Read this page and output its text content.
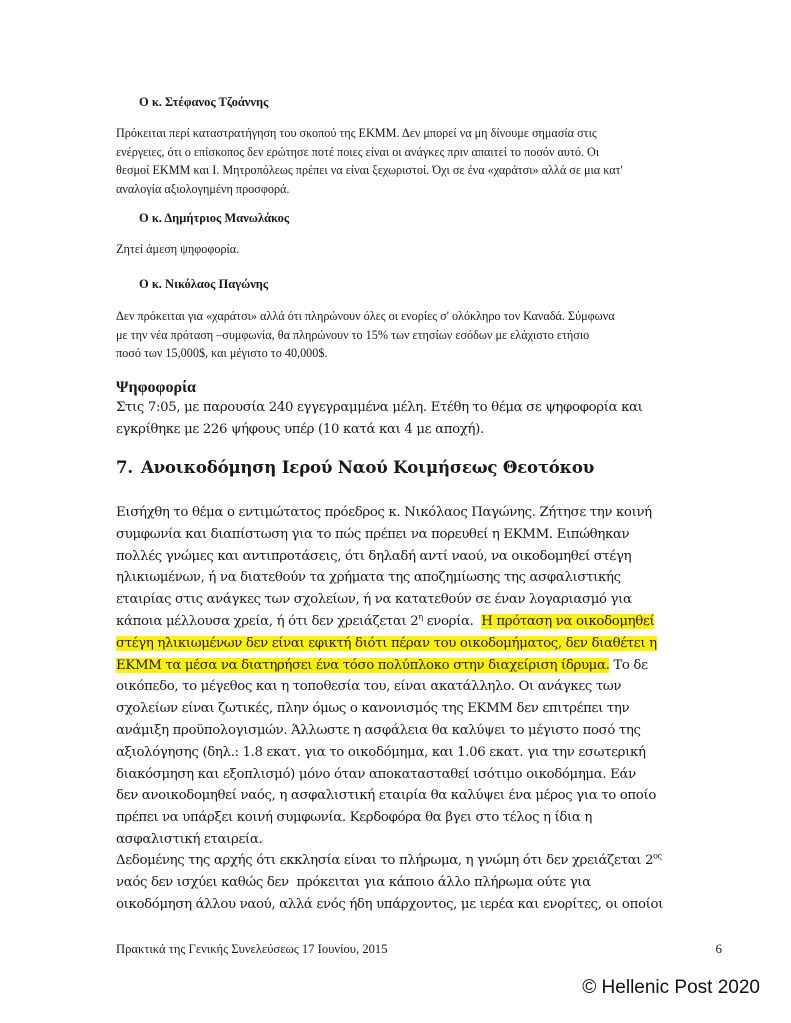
Ο κ. Στέφανος Τζοάννης
Πρόκειται περί καταστρατήγηση του σκοπού της ΕΚΜΜ. Δεν μπορεί να μη δίνουμε σημασία στις
ενέργειες, ότι ο επίσκοπος δεν ερώτησε ποτέ ποιες είναι οι ανάγκες πριν απαιτεί το ποσόν αυτό. Οι
θεσμοί ΕΚΜΜ και Ι. Μητροπόλεως πρέπει να είναι ξεχωριστοί. Όχι σε ένα «χαράτσι» αλλά σε μια κατ'
αναλογία αξιολογημένη προσφορά.
Ο κ. Δημήτριος Μανωλάκος
Ζητεί άμεση ψηφοφορία.
Ο κ. Νικόλαος Παγώνης
Δεν πρόκειται για «χαράτσι» αλλά ότι πληρώνουν όλες οι ενορίες σ' ολόκληρο τον Καναδά. Σύμφωνα
με την νέα πρόταση –συμφωνία, θα πληρώνουν το 15% των ετησίων εσόδων με ελάχιστο ετήσιο
ποσό των 15,000$, και μέγιστο το 40,000$.
Ψηφοφορία
Στις 7:05, με παρουσία 240 εγγεγραμμένα μέλη. Ετέθη το θέμα σε ψηφοφορία και
εγκρίθηκε με 226 ψήφους υπέρ (10 κατά και 4 με αποχή).
7. Ανοικοδόμηση Ιερού Ναού Κοιμήσεως Θεοτόκου
Εισήχθη το θέμα ο εντιμώτατος πρόεδρος κ. Νικόλαος Παγώνης. Ζήτησε την κοινή
συμφωνία και διαπίστωση για το πώς πρέπει να πορευθεί η ΕΚΜΜ. Ειπώθηκαν
πολλές γνώμες και αντιπροτάσεις, ότι δηλαδή αντί ναού, να οικοδομηθεί στέγη
ηλικιωμένων, ή να διατεθούν τα χρήματα της αποζημίωσης της ασφαλιστικής
εταιρίας στις ανάγκες των σχολείων, ή να κατατεθούν σε έναν λογαριασμό για
κάποια μέλλουσα χρεία, ή ότι δεν χρειάζεται $2^\eta$ ενορία.  Η πρόταση να οικοδομηθεί
στέγη ηλικιωμένων δεν είναι εφικτή διότι πέραν του οικοδομήματος, δεν διαθέτει η
ΕΚΜΜ τα μέσα να διατηρήσει ένα τόσο πολύπλοκο στην διαχείριση ίδρυμα. Το δε
οικόπεδο, το μέγεθος και η τοποθεσία του, είναι ακατάλληλο. Οι ανάγκες των
σχολείων είναι ζωτικές, πλην όμως ο κανονισμός της ΕΚΜΜ δεν επιτρέπει την
ανάμιξη προϋπολογισμών. Άλλωστε η ασφάλεια θα καλύψει το μέγιστο ποσό της
αξιολόγησης (δηλ.: 1.8 εκατ. για το οικοδόμημα, και 1.06 εκατ. για την εσωτερική
διακόσμηση και εξοπλισμό) μόνο όταν αποκατασταθεί ισότιμο οικοδόμημα. Εάν
δεν ανοικοδομηθεί ναός, η ασφαλιστική εταιρία θα καλύψει ένα μέρος για το οποίο
πρέπει να υπάρξει κοινή συμφωνία. Κερδοφόρα θα βγει στο τέλος η ίδια η
ασφαλιστική εταιρεία.
Δεδομένης της αρχής ότι εκκλησία είναι το πλήρωμα, η γνώμη ότι δεν χρειάζεται $2^{o\varsigma}$
ναός δεν ισχύει καθώς δεν  πρόκειται για κάποιο άλλο πλήρωμα ούτε για
οικοδόμηση άλλου ναού, αλλά ενός ήδη υπάρχοντος, με ιερέα και ενορίτες, οι οποίοι
Πρακτικά της Γενικής Συνελεύσεως 17 Ιουνίου, 2015	6
© Hellenic Post 2020
